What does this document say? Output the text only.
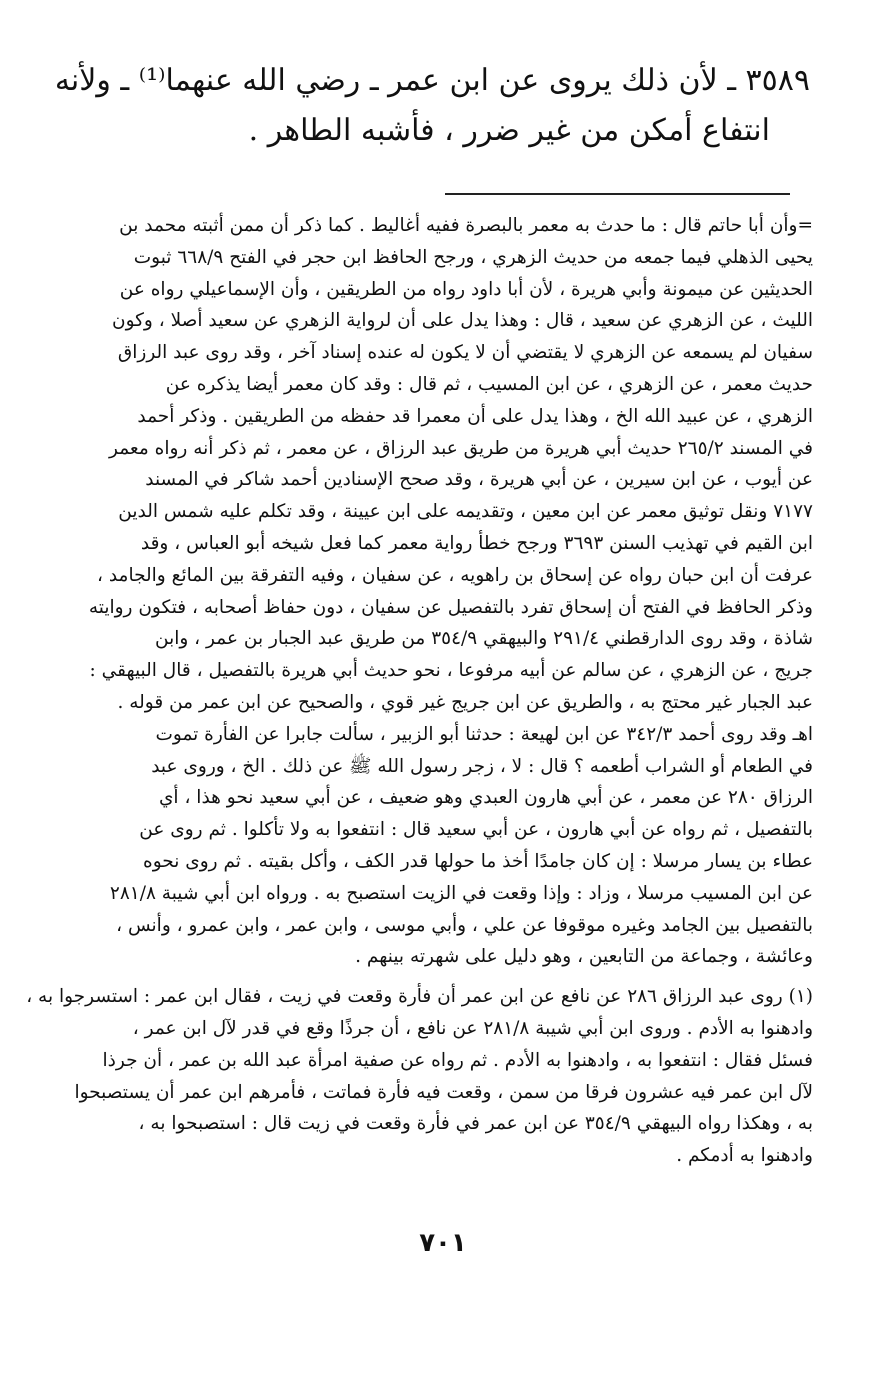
٣٥٨٩ ـ لأن ذلك يروى عن ابن عمر ـ رضي الله عنهما⁽¹⁾ ـ ولأنه
انتفاع أمكن من غير ضرر ، فأشبه الطاهر .
=وأن أبا حاتم قال : ما حدث به معمر بالبصرة ففيه أغاليط . كما ذكر أن ممن أثبته محمد بن
يحيى الذهلي فيما جمعه من حديث الزهري ، ورجح الحافظ ابن حجر في الفتح ٦٦٨/٩ ثبوت
الحديثين عن ميمونة وأبي هريرة ، لأن أبا داود رواه من الطريقين ، وأن الإسماعيلي رواه عن
الليث ، عن الزهري عن سعيد ، قال : وهذا يدل على أن لرواية الزهري عن سعيد أصلا ، وكون
سفيان لم يسمعه عن الزهري لا يقتضي أن لا يكون له عنده إسناد آخر ، وقد روى عبد الرزاق
حديث معمر ، عن الزهري ، عن ابن المسيب ، ثم قال : وقد كان معمر أيضا يذكره عن
الزهري ، عن عبيد الله الخ ، وهذا يدل على أن معمرا قد حفظه من الطريقين . وذكر أحمد
في المسند ٢٦٥/٢ حديث أبي هريرة من طريق عبد الرزاق ، عن معمر ، ثم ذكر أنه رواه معمر
عن أيوب ، عن ابن سيرين ، عن أبي هريرة ، وقد صحح الإسنادين أحمد شاكر في المسند
٧١٧٧ ونقل توثيق معمر عن ابن معين ، وتقديمه على ابن عيينة ، وقد تكلم عليه شمس الدين
ابن القيم في تهذيب السنن ٣٦٩٣ ورجح خطأ رواية معمر كما فعل شيخه أبو العباس ، وقد
عرفت أن ابن حبان رواه عن إسحاق بن راهويه ، عن سفيان ، وفيه التفرقة بين المائع والجامد ،
وذكر الحافظ في الفتح أن إسحاق تفرد بالتفصيل عن سفيان ، دون حفاظ أصحابه ، فتكون روايته
شاذة ، وقد روى الدارقطني ٢٩١/٤ والبيهقي ٣٥٤/٩ من طريق عبد الجبار بن عمر ، وابن
جريج ، عن الزهري ، عن سالم عن أبيه مرفوعا ، نحو حديث أبي هريرة بالتفصيل ، قال البيهقي :
عبد الجبار غير محتج به ، والطريق عن ابن جريج غير قوي ، والصحيح عن ابن عمر من قوله .
اهـ وقد روى أحمد ٣٤٢/٣ عن ابن لهيعة : حدثنا أبو الزبير ، سألت جابرا عن الفأرة تموت
في الطعام أو الشراب أطعمه ؟ قال : لا ، زجر رسول الله ﷺ عن ذلك . الخ ، وروى عبد
الرزاق ٢٨٠ عن معمر ، عن أبي هارون العبدي وهو ضعيف ، عن أبي سعيد نحو هذا ، أي
بالتفصيل ، ثم رواه عن أبي هارون ، عن أبي سعيد قال : انتفعوا به ولا تأكلوا . ثم روى عن
عطاء بن يسار مرسلا : إن كان جامدًا أخذ ما حولها قدر الكف ، وأكل بقيته . ثم روى نحوه
عن ابن المسيب مرسلا ، وزاد : وإذا وقعت في الزيت استصبح به . ورواه ابن أبي شيبة ٢٨١/٨
بالتفصيل بين الجامد وغيره موقوفا عن علي ، وأبي موسى ، وابن عمر ، وابن عمرو ، وأنس ،
وعائشة ، وجماعة من التابعين ، وهو دليل على شهرته بينهم .
(١) روى عبد الرزاق ٢٨٦ عن نافع عن ابن عمر أن فأرة وقعت في زيت ، فقال ابن عمر : استسرجوا به ،
وادهنوا به الأدم . وروى ابن أبي شيبة ٢٨١/٨ عن نافع ، أن جرذًا وقع في قدر لآل ابن عمر ،
فسئل فقال : انتفعوا به ، وادهنوا به الأدم . ثم رواه عن صفية امرأة عبد الله بن عمر ، أن جرذا
لآل ابن عمر فيه عشرون فرقا من سمن ، وقعت فيه فأرة فماتت ، فأمرهم ابن عمر أن يستصبحوا
به ، وهكذا رواه البيهقي ٣٥٤/٩ عن ابن عمر في فأرة وقعت في زيت قال : استصبحوا به ،
وادهنوا به أدمكم .
٧٠١
